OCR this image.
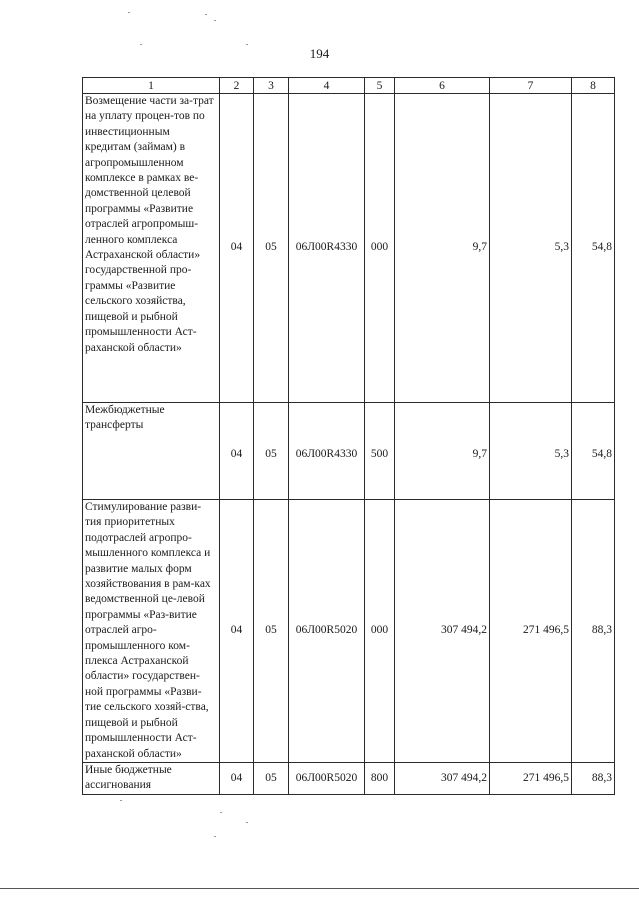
194
1	2	3	4	5	6	7	8
Возмещение части за-трат на уплату процен-тов по инвестиционным кредитам (займам) в агропромышленном комплексе в рамках ве-домственной целевой программы «Развитие отраслей агропромыш-ленного комплекса Астраханской области» государственной про-граммы «Развитие сельского хозяйства, пищевой и рыбной промышленности Аст-раханской области»	04	05	06Л00R4330	000	9,7	5,3	54,8
Межбюджетные трансферты	04	05	06Л00R4330	500	9,7	5,3	54,8
Стимулирование разви-тия приоритетных подотраслей агропро-мышленного комплекса и развитие малых форм хозяйствования в рам-ках ведомственной це-левой программы «Раз-витие отраслей агро-промышленного ком-плекса Астраханской области» государствен-ной программы «Разви-тие сельского хозяй-ства, пищевой и рыбной промышленности Аст-раханской области»	04	05	06Л00R5020	000	307 494,2	271 496,5	88,3
Иные бюджетные ассигнования	04	05	06Л00R5020	800	307 494,2	271 496,5	88,3
